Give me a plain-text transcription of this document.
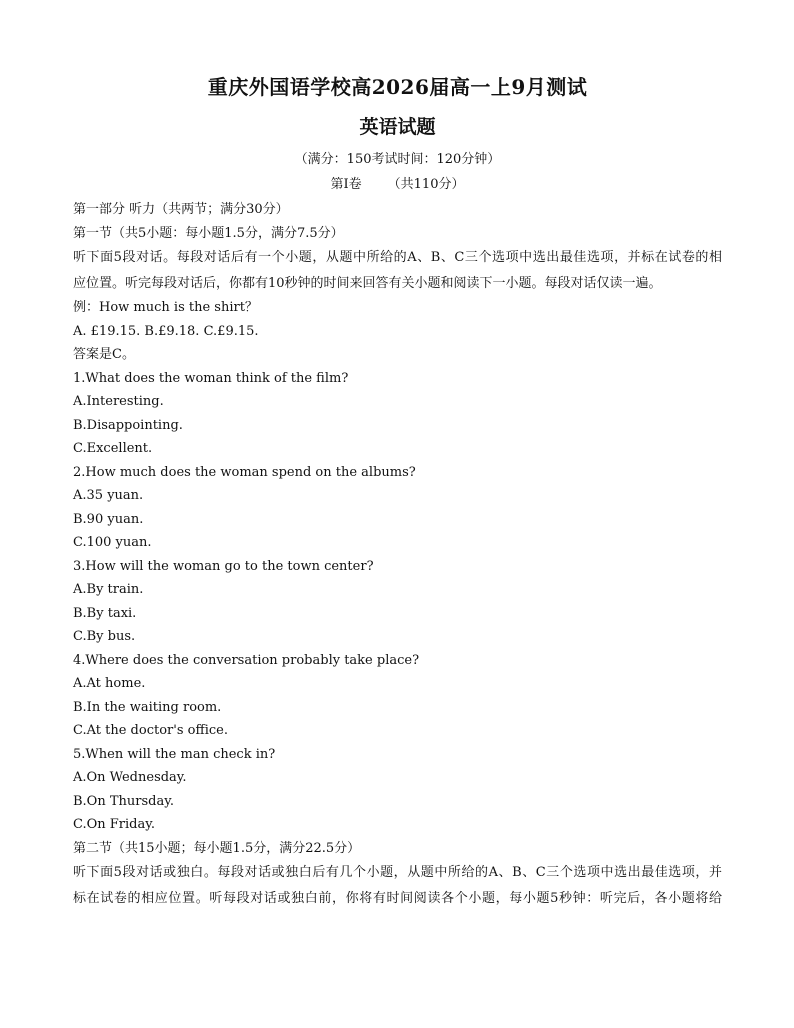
重庆外国语学校高2026届高一上9月测试
英语试题

（满分：150考试时间：120分钟）

第Ⅰ卷 （共110分）

第一部分 听力（共两节；满分30分）

第一节（共5小题：每小题1.5分，满分7.5分）

听下面5段对话。每段对话后有一个小题，从题中所给的A、B、C三个选项中选出最佳选项，并标在试卷的相

应位置。听完每段对话后，你都有10秒钟的时间来回答有关小题和阅读下一小题。每段对话仅读一遍。

例：How much is the shirt？

A. £19.15. B.£9.18. C.£9.15.

答案是C。

1.What does the woman think of the film?

A.Interesting.

B.Disappointing.

C.Excellent.

2.How much does the woman spend on the albums?

A.35 yuan.

B.90 yuan.

C.100 yuan.

3.How will the woman go to the town center?

A.By train.

B.By taxi.

C.By bus.

4.Where does the conversation probably take place?

A.At home.

B.In the waiting room.

C.At the doctor's office.

5.When will the man check in?

A.On Wednesday.

B.On Thursday.

C.On Friday.

第二节（共15小题；每小题1.5分，满分22.5分）

听下面5段对话或独白。每段对话或独白后有几个小题，从题中所给的A、B、C三个选项中选出最佳选项，并

标在试卷的相应位置。听每段对话或独白前，你将有时间阅读各个小题，每小题5秒钟：听完后，各小题将给
